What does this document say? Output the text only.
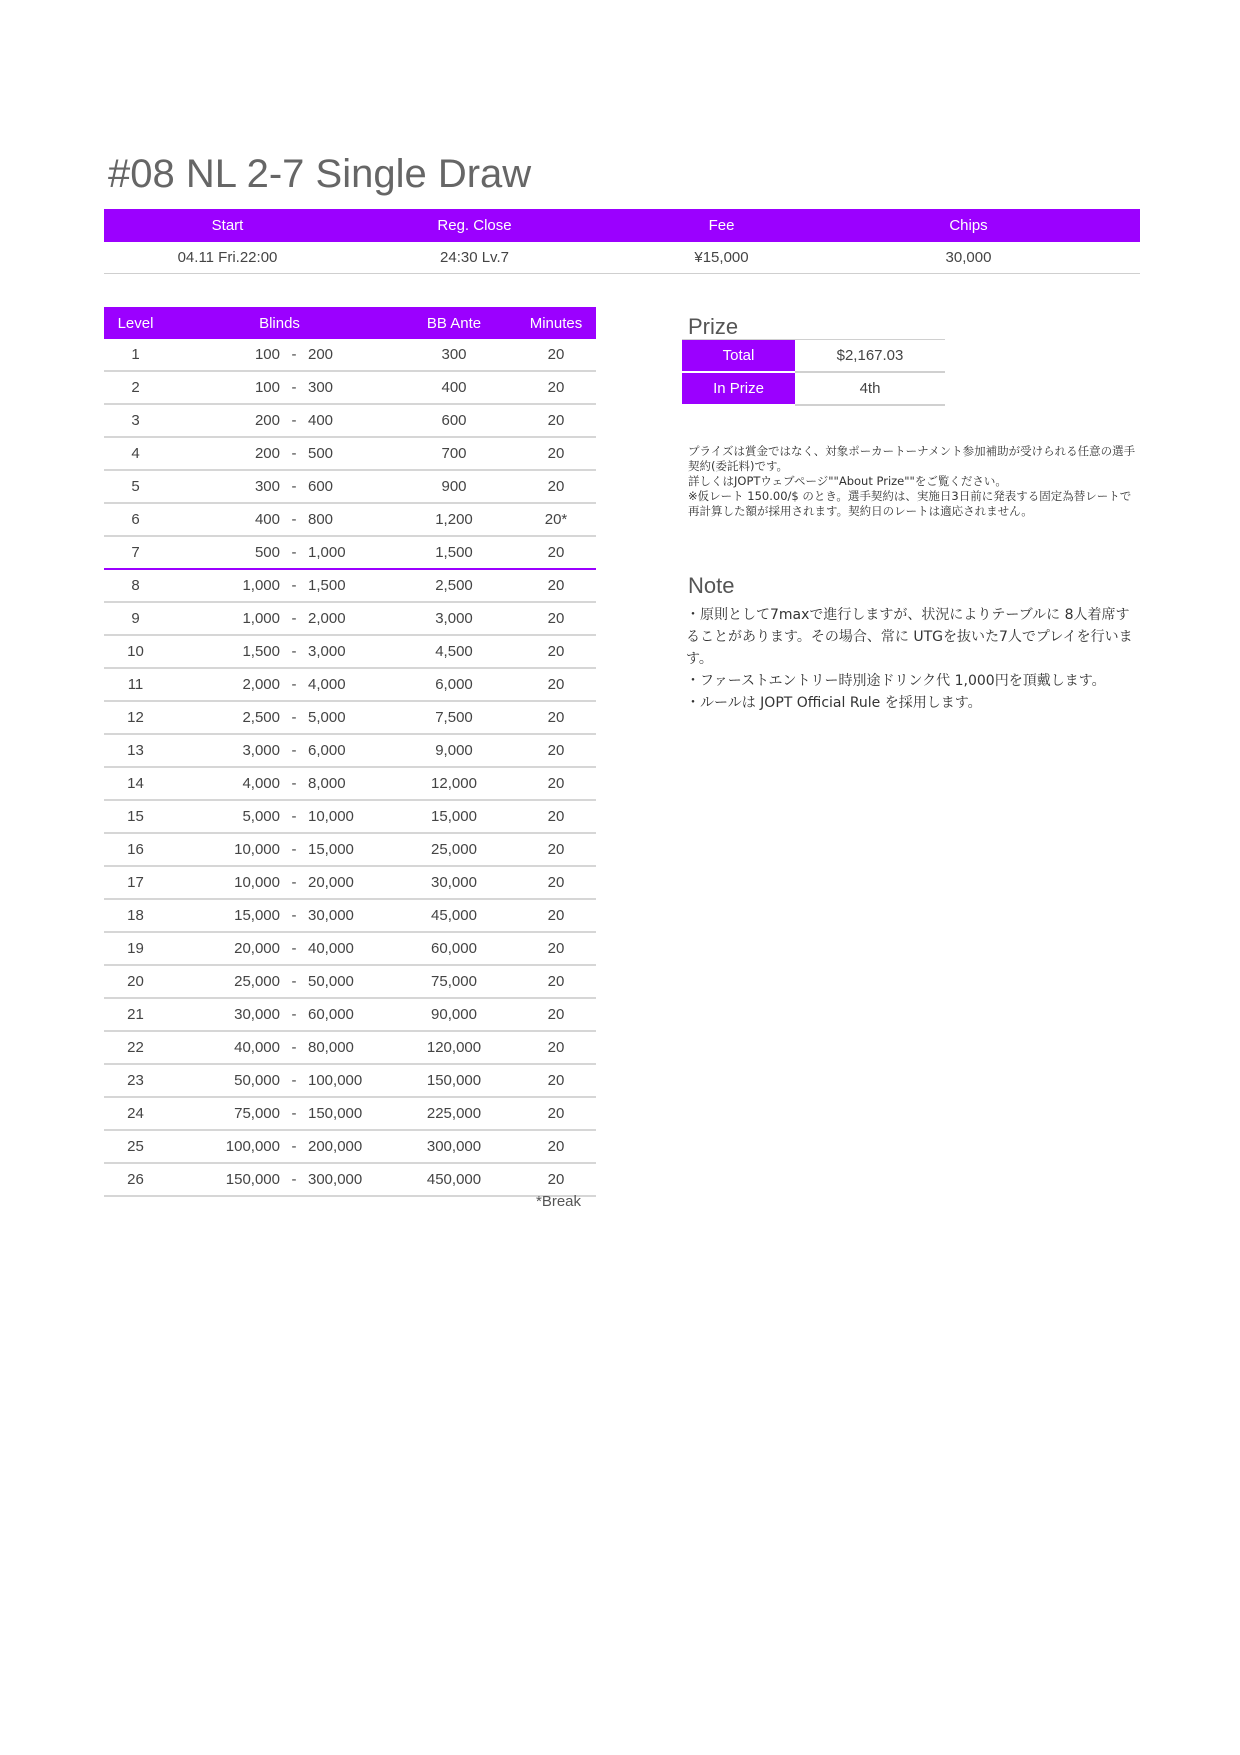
#08 NL 2-7 Single Draw
Start	Reg. Close	Fee	Chips
04.11 Fri.22:00	24:30 Lv.7	¥15,000	30,000
Level	Blinds			BB Ante	Minutes
1	100	-	200	300	20
2	100	-	300	400	20
3	200	-	400	600	20
4	200	-	500	700	20
5	300	-	600	900	20
6	400	-	800	1,200	20*
7	500	-	1,000	1,500	20
8	1,000	-	1,500	2,500	20
9	1,000	-	2,000	3,000	20
10	1,500	-	3,000	4,500	20
11	2,000	-	4,000	6,000	20
12	2,500	-	5,000	7,500	20
13	3,000	-	6,000	9,000	20
14	4,000	-	8,000	12,000	20
15	5,000	-	10,000	15,000	20
16	10,000	-	15,000	25,000	20
17	10,000	-	20,000	30,000	20
18	15,000	-	30,000	45,000	20
19	20,000	-	40,000	60,000	20
20	25,000	-	50,000	75,000	20
21	30,000	-	60,000	90,000	20
22	40,000	-	80,000	120,000	20
23	50,000	-	100,000	150,000	20
24	75,000	-	150,000	225,000	20
25	100,000	-	200,000	300,000	20
26	150,000	-	300,000	450,000	20
*Break
Prize
Total	$2,167.03
In Prize	4th

プライズは賞金ではなく、対象ポーカートーナメント参加補助が受けられる任意の選手契約(委託料)です。

詳しくはJOPTウェブページ""About Prize""をご覧ください。

※仮レート 150.00/$ のとき。選手契約は、実施日3日前に発表する固定為替レートで再計算した額が採用されます。契約日のレートは適応されません。

Note

・原則として7maxで進行しますが、状況によりテーブルに 8人着席することがあります。その場合、常に UTGを抜いた7人でプレイを行います。

・ファーストエントリー時別途ドリンク代 1,000円を頂戴します。

・ルールは JOPT Official Rule を採用します。
